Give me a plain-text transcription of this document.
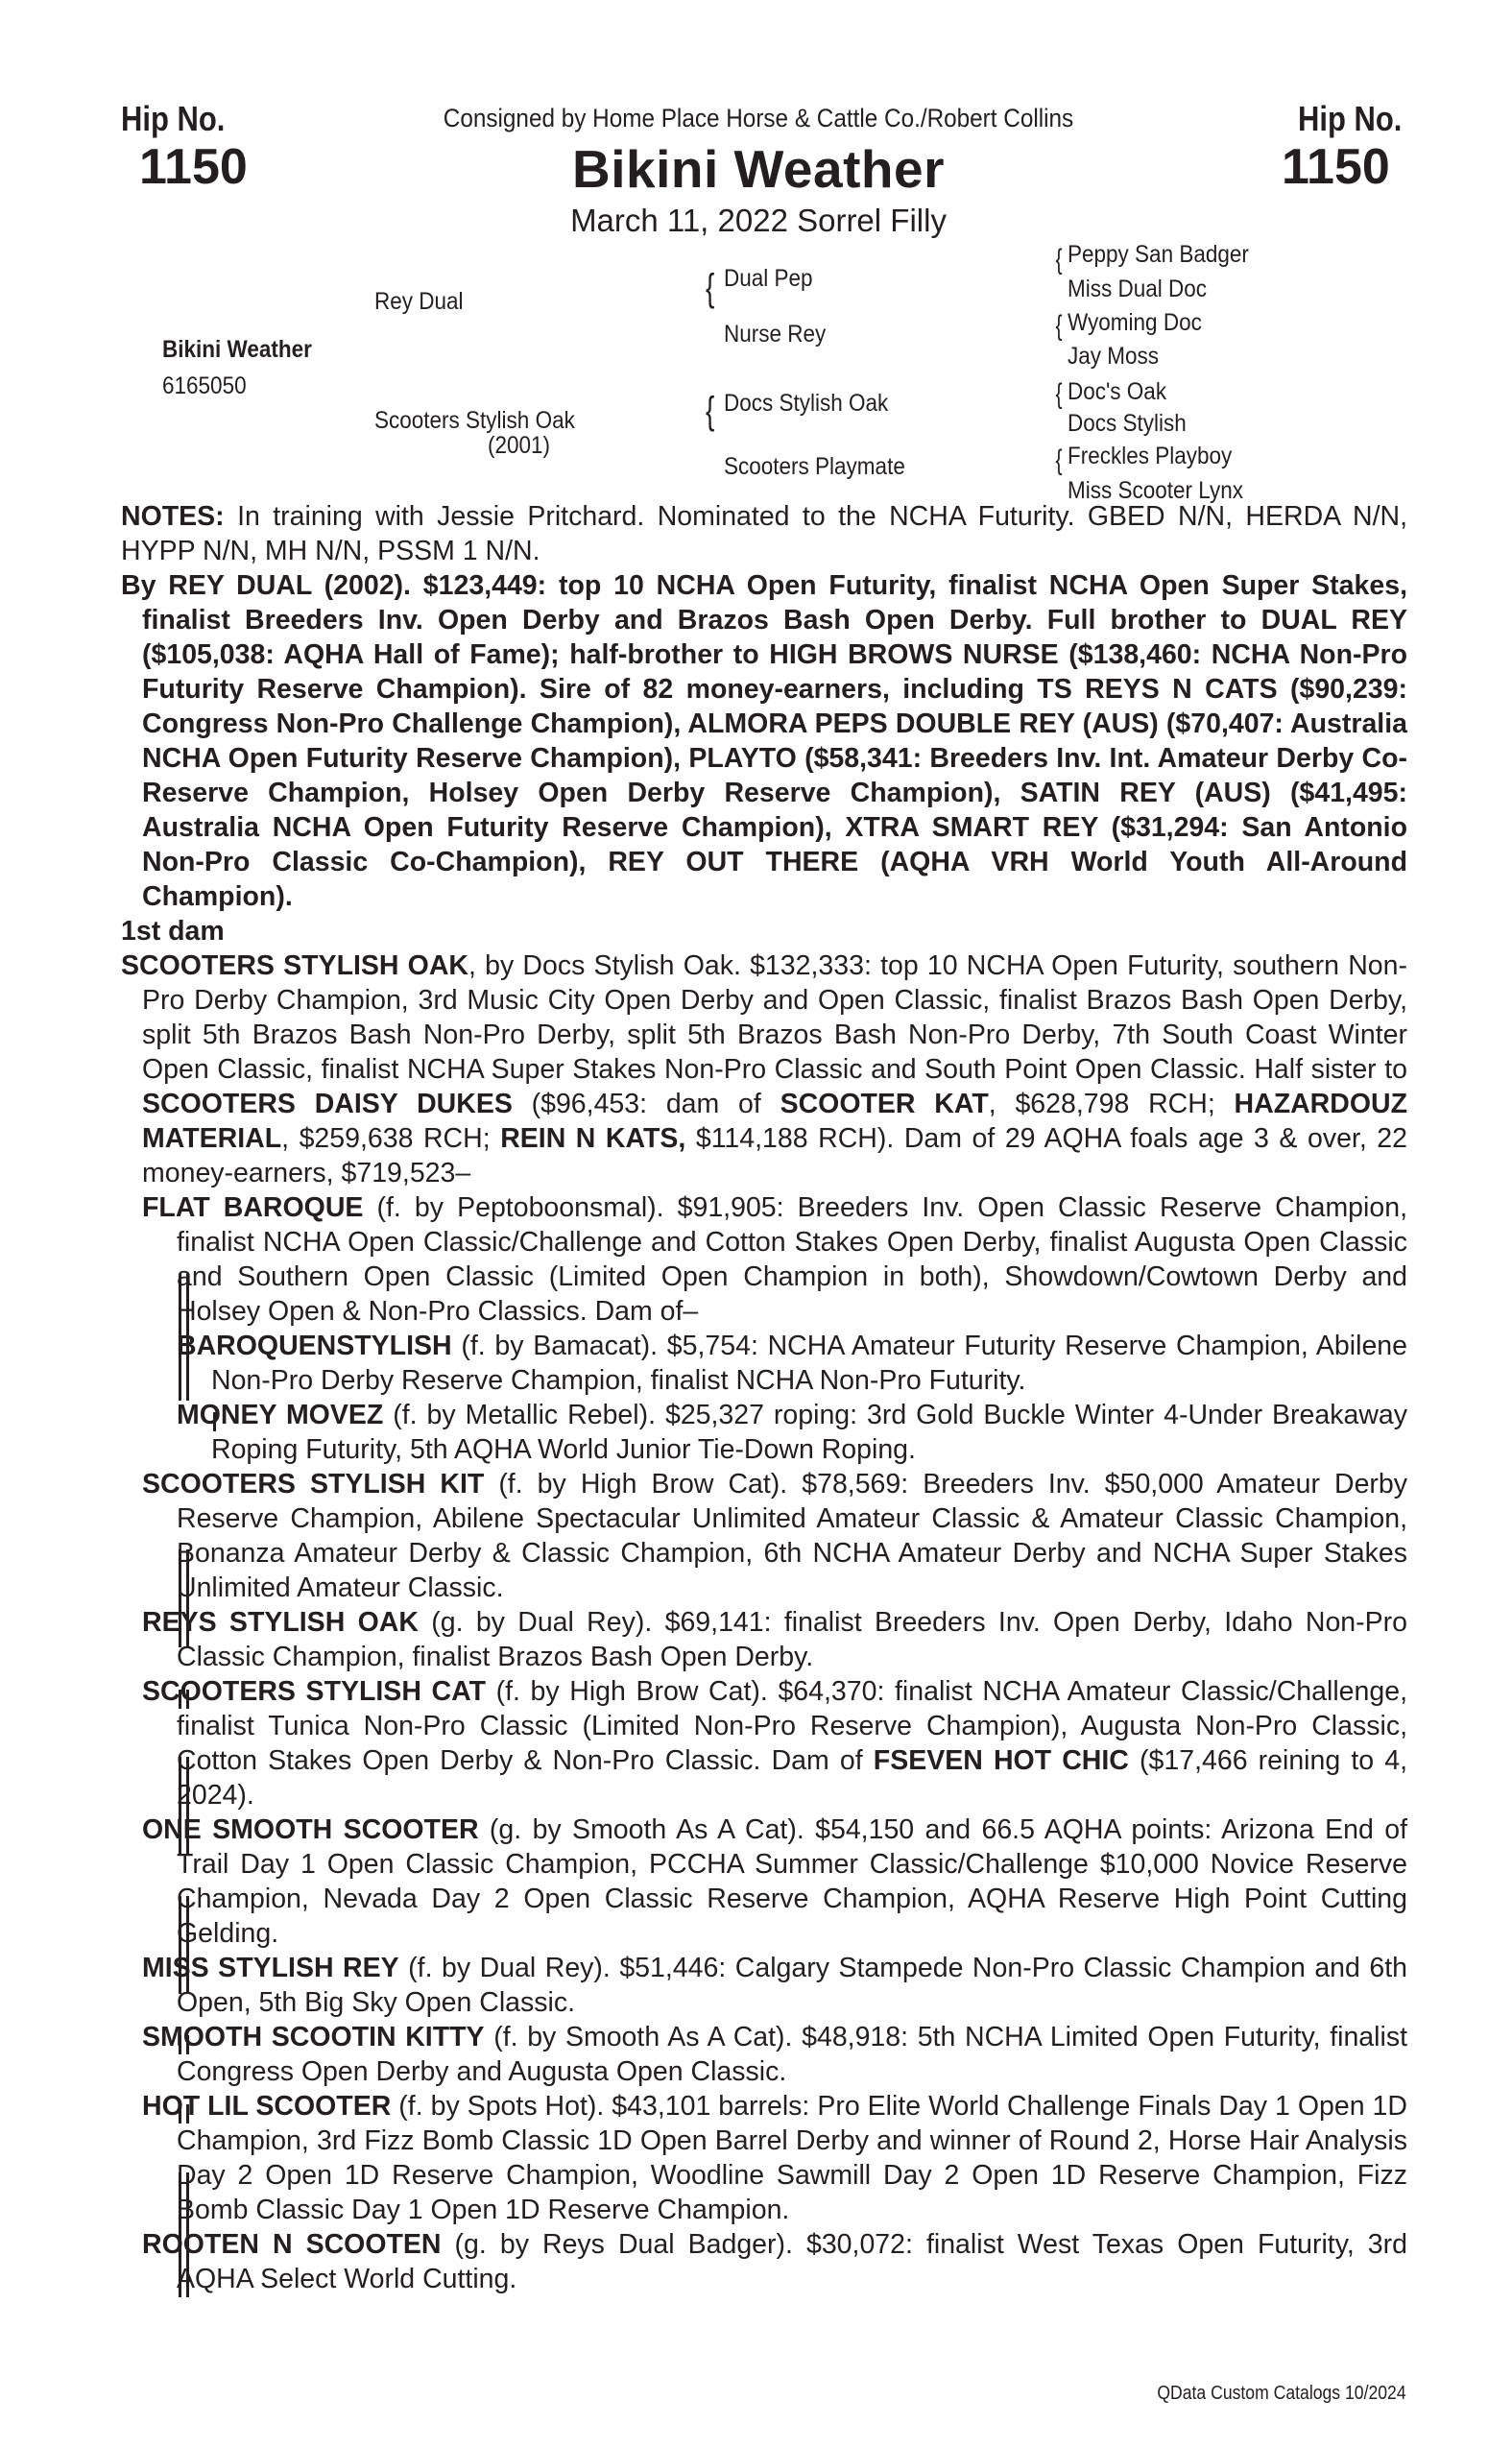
Hip No.
1150
Hip No.
1150
Consigned by Home Place Horse & Cattle Co./Robert Collins
Bikini Weather
March 11, 2022 Sorrel Filly
Bikini Weather
6165050
Rey Dual
Scooters Stylish Oak
(2001)
{ Dual Pep
Nurse Rey
{ Docs Stylish Oak
Scooters Playmate
{ Peppy San Badger
Miss Dual Doc
{ Wyoming Doc
Jay Moss
{ Doc's Oak
Docs Stylish
{ Freckles Playboy
Miss Scooter Lynx

NOTES: In training with Jessie Pritchard. Nominated to the NCHA Futurity. GBED N/N, HERDA N/N, HYPP N/N, MH N/N, PSSM 1 N/N.

By REY DUAL (2002). $123,449: top 10 NCHA Open Futurity, finalist NCHA Open Super Stakes, finalist Breeders Inv. Open Derby and Brazos Bash Open Derby. Full brother to DUAL REY ($105,038: AQHA Hall of Fame); half-brother to HIGH BROWS NURSE ($138,460: NCHA Non-Pro Futurity Reserve Champion). Sire of 82 money-earners, including TS REYS N CATS ($90,239: Congress Non-Pro Challenge Champion), ALMORA PEPS DOUBLE REY (AUS) ($70,407: Australia NCHA Open Futurity Reserve Champion), PLAYTO ($58,341: Breeders Inv. Int. Amateur Derby Co-Reserve Champion, Holsey Open Derby Reserve Champion), SATIN REY (AUS) ($41,495: Australia NCHA Open Futurity Reserve Champion), XTRA SMART REY ($31,294: San Antonio Non-Pro Classic Co-Champion), REY OUT THERE (AQHA VRH World Youth All-Around Champion).

1st dam

SCOOTERS STYLISH OAK, by Docs Stylish Oak. $132,333: top 10 NCHA Open Futurity, southern Non-Pro Derby Champion, 3rd Music City Open Derby and Open Classic, finalist Brazos Bash Open Derby, split 5th Brazos Bash Non-Pro Derby, split 5th Brazos Bash Non-Pro Derby, 7th South Coast Winter Open Classic, finalist NCHA Super Stakes Non-Pro Classic and South Point Open Classic. Half sister to SCOOTERS DAISY DUKES ($96,453: dam of SCOOTER KAT, $628,798 RCH; HAZARDOUZ MATERIAL, $259,638 RCH; REIN N KATS, $114,188 RCH). Dam of 29 AQHA foals age 3 & over, 22 money-earners, $719,523–

FLAT BAROQUE (f. by Peptoboonsmal). $91,905: Breeders Inv. Open Classic Reserve Champion, finalist NCHA Open Classic/Challenge and Cotton Stakes Open Derby, finalist Augusta Open Classic and Southern Open Classic (Limited Open Champion in both), Showdown/Cowtown Derby and Holsey Open & Non-Pro Classics. Dam of–

BAROQUENSTYLISH (f. by Bamacat). $5,754: NCHA Amateur Futurity Reserve Champion, Abilene Non-Pro Derby Reserve Champion, finalist NCHA Non-Pro Futurity.

MONEY MOVEZ (f. by Metallic Rebel). $25,327 roping: 3rd Gold Buckle Winter 4-Under Breakaway Roping Futurity, 5th AQHA World Junior Tie-Down Roping.

SCOOTERS STYLISH KIT (f. by High Brow Cat). $78,569: Breeders Inv. $50,000 Amateur Derby Reserve Champion, Abilene Spectacular Unlimited Amateur Classic & Amateur Classic Champion, Bonanza Amateur Derby & Classic Champion, 6th NCHA Amateur Derby and NCHA Super Stakes Unlimited Amateur Classic.

REYS STYLISH OAK (g. by Dual Rey). $69,141: finalist Breeders Inv. Open Derby, Idaho Non-Pro Classic Champion, finalist Brazos Bash Open Derby.

SCOOTERS STYLISH CAT (f. by High Brow Cat). $64,370: finalist NCHA Amateur Classic/Challenge, finalist Tunica Non-Pro Classic (Limited Non-Pro Reserve Champion), Augusta Non-Pro Classic, Cotton Stakes Open Derby & Non-Pro Classic. Dam of FSEVEN HOT CHIC ($17,466 reining to 4, 2024).

ONE SMOOTH SCOOTER (g. by Smooth As A Cat). $54,150 and 66.5 AQHA points: Arizona End of Trail Day 1 Open Classic Champion, PCCHA Summer Classic/Challenge $10,000 Novice Reserve Champion, Nevada Day 2 Open Classic Reserve Champion, AQHA Reserve High Point Cutting Gelding.

MISS STYLISH REY (f. by Dual Rey). $51,446: Calgary Stampede Non-Pro Classic Champion and 6th Open, 5th Big Sky Open Classic.

SMOOTH SCOOTIN KITTY (f. by Smooth As A Cat). $48,918: 5th NCHA Limited Open Futurity, finalist Congress Open Derby and Augusta Open Classic.

HOT LIL SCOOTER (f. by Spots Hot). $43,101 barrels: Pro Elite World Challenge Finals Day 1 Open 1D Champion, 3rd Fizz Bomb Classic 1D Open Barrel Derby and winner of Round 2, Horse Hair Analysis Day 2 Open 1D Reserve Champion, Woodline Sawmill Day 2 Open 1D Reserve Champion, Fizz Bomb Classic Day 1 Open 1D Reserve Champion.

ROOTEN N SCOOTEN (g. by Reys Dual Badger). $30,072: finalist West Texas Open Futurity, 3rd AQHA Select World Cutting.

QData Custom Catalogs 10/2024
